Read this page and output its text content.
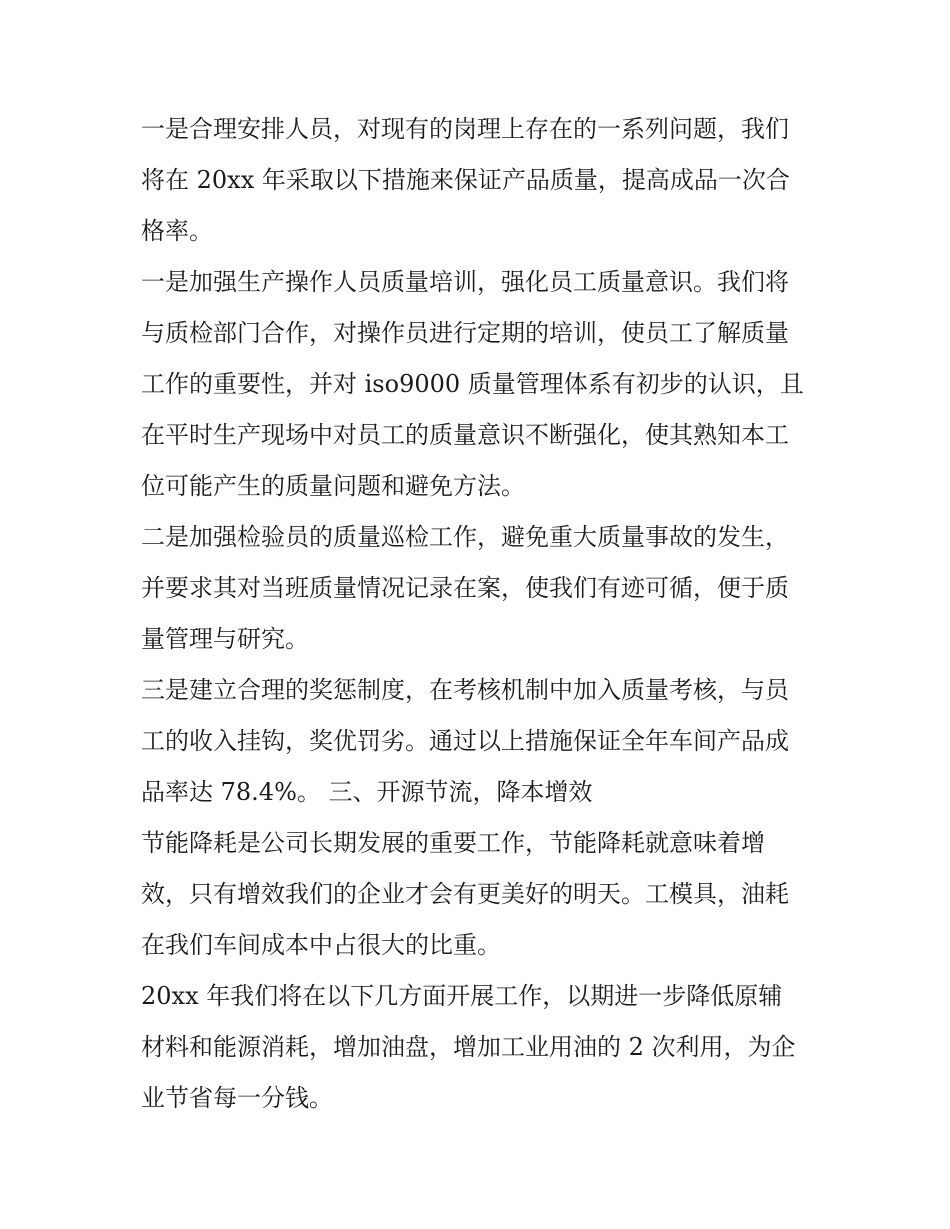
一是合理安排人员，对现有的岗理上存在的一系列问题，我们
将在 20xx 年采取以下措施来保证产品质量，提高成品一次合
格率。
一是加强生产操作人员质量培训，强化员工质量意识。我们将
与质检部门合作，对操作员进行定期的培训，使员工了解质量
工作的重要性，并对 iso9000 质量管理体系有初步的认识，且
在平时生产现场中对员工的质量意识不断强化，使其熟知本工
位可能产生的质量问题和避免方法。
二是加强检验员的质量巡检工作，避免重大质量事故的发生，
并要求其对当班质量情况记录在案，使我们有迹可循，便于质
量管理与研究。
三是建立合理的奖惩制度，在考核机制中加入质量考核，与员
工的收入挂钩，奖优罚劣。通过以上措施保证全年车间产品成
品率达 78.4%。 三、开源节流，降本增效
节能降耗是公司长期发展的重要工作，节能降耗就意味着增
效，只有增效我们的企业才会有更美好的明天。工模具，油耗
在我们车间成本中占很大的比重。
20xx 年我们将在以下几方面开展工作，以期进一步降低原辅
材料和能源消耗，增加油盘，增加工业用油的 2 次利用，为企
业节省每一分钱。
